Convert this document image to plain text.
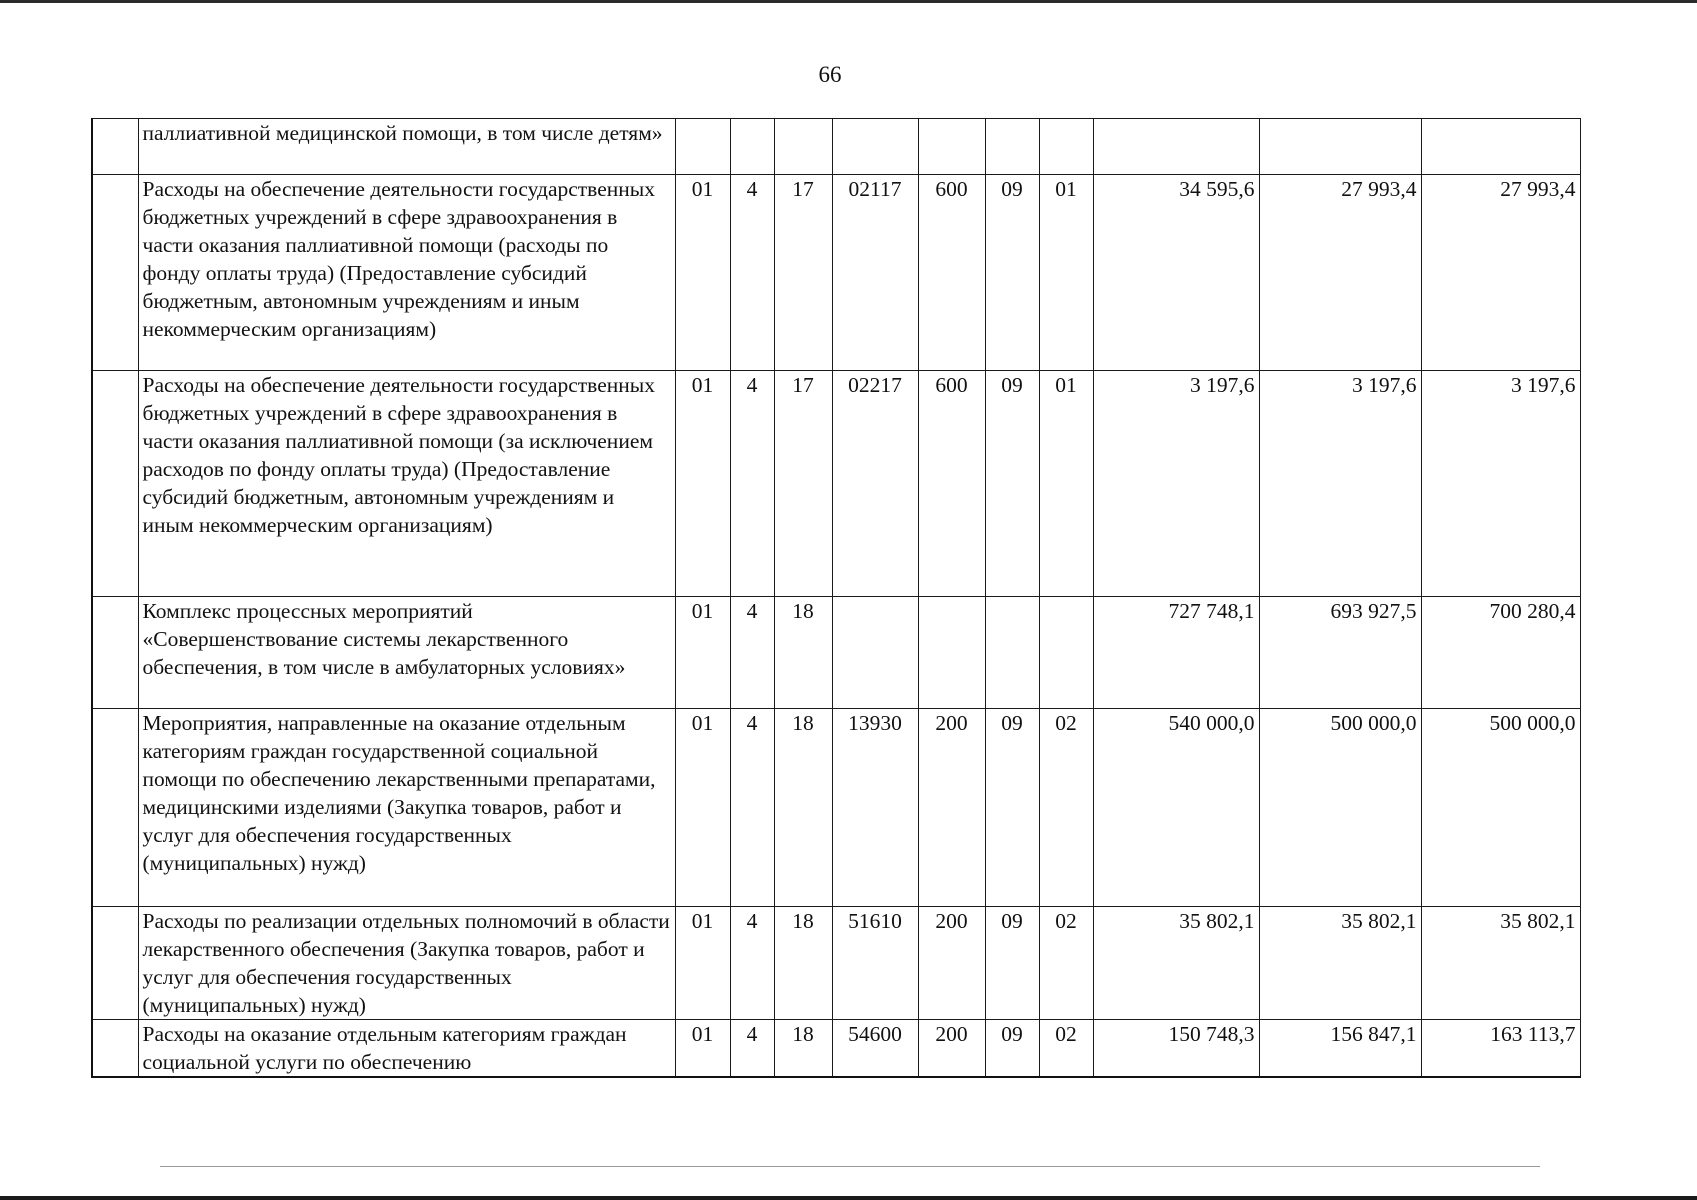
66
	паллиативной медицинской помощи, в том числе детям»										
	Расходы на обеспечение деятельности государственных бюджетных учреждений в сфере здравоохранения в части оказания паллиативной помощи (расходы по фонду оплаты труда) (Предоставление субсидий бюджетным, автономным учреждениям и иным некоммерческим организациям)	01	4	17	02117	600	09	01	34 595,6	27 993,4	27 993,4
	Расходы на обеспечение деятельности государственных бюджетных учреждений в сфере здравоохранения в части оказания паллиативной помощи (за исключением расходов по фонду оплаты труда) (Предоставление субсидий бюджетным, автономным учреждениям и иным некоммерческим организациям)	01	4	17	02217	600	09	01	3 197,6	3 197,6	3 197,6
	Комплекс процессных мероприятий «Совершенствование системы лекарственного обеспечения, в том числе в амбулаторных условиях»	01	4	18					727 748,1	693 927,5	700 280,4
	Мероприятия, направленные на оказание отдельным категориям граждан государственной социальной помощи по обеспечению лекарственными препаратами, медицинскими изделиями (Закупка товаров, работ и услуг для обеспечения государственных (муниципальных) нужд)	01	4	18	13930	200	09	02	540 000,0	500 000,0	500 000,0
	Расходы по реализации отдельных полномочий в области лекарственного обеспечения (Закупка товаров, работ и услуг для обеспечения государственных (муниципальных) нужд)	01	4	18	51610	200	09	02	35 802,1	35 802,1	35 802,1
	Расходы на оказание отдельным категориям граждан социальной услуги по обеспечению	01	4	18	54600	200	09	02	150 748,3	156 847,1	163 113,7
